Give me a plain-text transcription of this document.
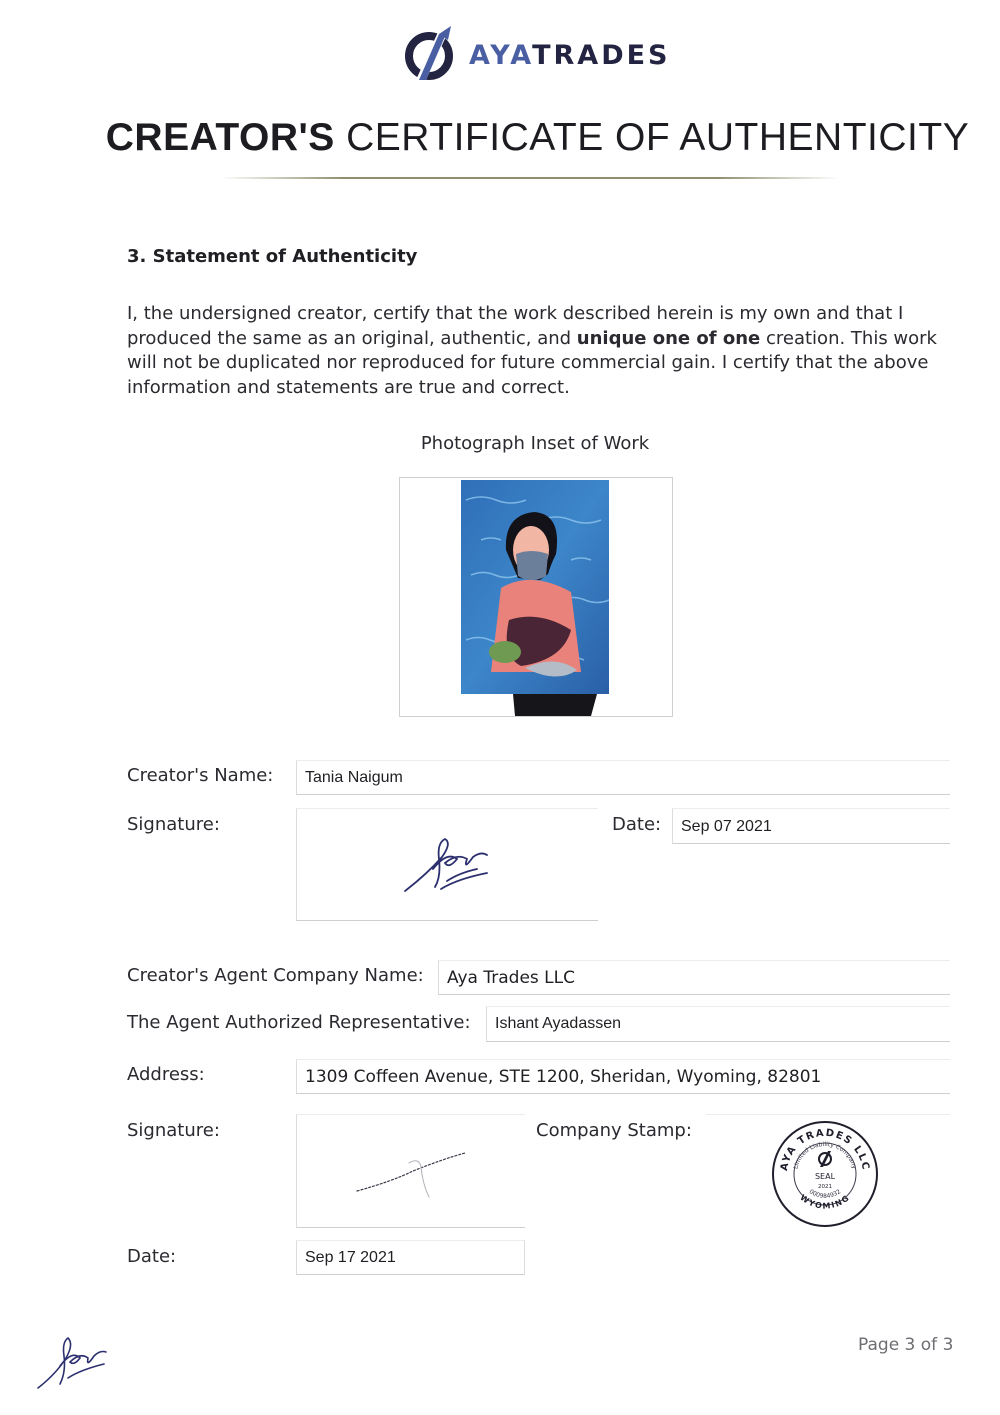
AYATRADES
CREATOR'S CERTIFICATE OF AUTHENTICITY
3. Statement of Authenticity
I, the undersigned creator, certify that the work described herein is my own and that I produced the same as an original, authentic, and unique one of one creation. This work will not be duplicated nor reproduced for future commercial gain. I certify that the above information and statements are true and correct.
Photograph Inset of Work
Creator's Name: Tania Naigum
Signature:	Date: Sep 07 2021
Creator's Agent Company Name: Aya Trades LLC
The Agent Authorized Representative: Ishant Ayadassen
Address:	1309 Coffeen Avenue, STE 1200, Sheridan, Wyoming, 82801
Signature:	Company Stamp:
AYA TRADES LLC
Limited Liability Company
WYOMING
000984932
SEAL
2021
Date:	Sep 17 2021
Page 3 of 3
